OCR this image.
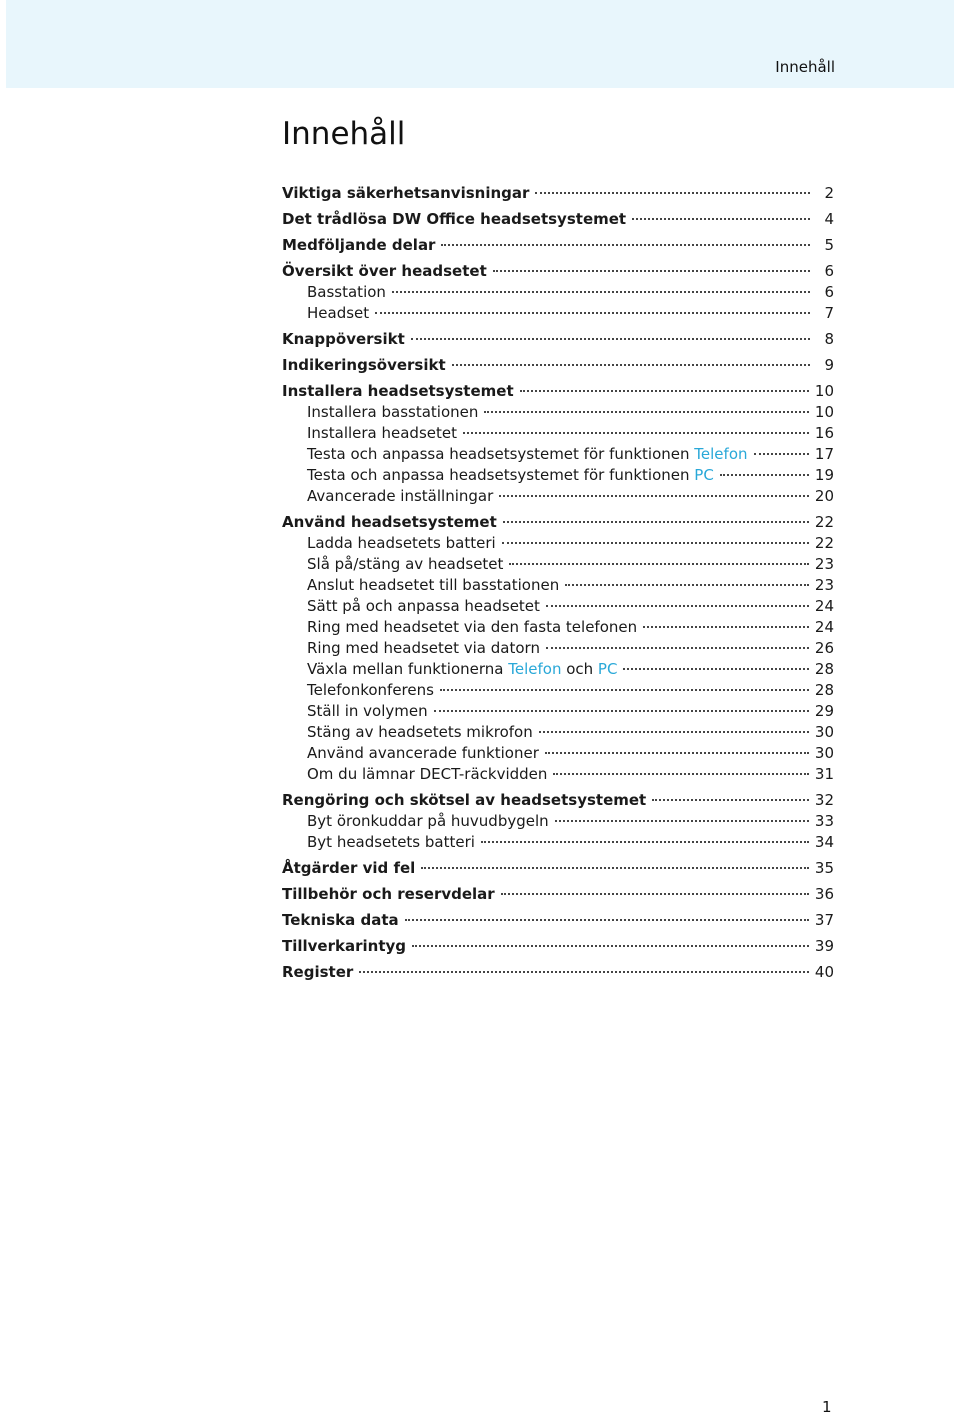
Innehåll
Innehåll
Viktiga säkerhetsanvisningar	2
Det trådlösa DW Office headsetsystemet	4
Medföljande delar	5
Översikt över headsetet	6
Basstation	6
Headset	7
Knappöversikt	8
Indikeringsöversikt	9
Installera headsetsystemet	10
Installera basstationen	10
Installera headsetet	16
Testa och anpassa headsetsystemet för funktionen Telefon	17
Testa och anpassa headsetsystemet för funktionen PC	19
Avancerade inställningar	20
Använd headsetsystemet	22
Ladda headsetets batteri	22
Slå på/stäng av headsetet	23
Anslut headsetet till basstationen	23
Sätt på och anpassa headsetet	24
Ring med headsetet via den fasta telefonen	24
Ring med headsetet via datorn	26
Växla mellan funktionerna Telefon och PC	28
Telefonkonferens	28
Ställ in volymen	29
Stäng av headsetets mikrofon	30
Använd avancerade funktioner	30
Om du lämnar DECT-räckvidden	31
Rengöring och skötsel av headsetsystemet	32
Byt öronkuddar på huvudbygeln	33
Byt headsetets batteri	34
Åtgärder vid fel	35
Tillbehör och reservdelar	36
Tekniska data	37
Tillverkarintyg	39
Register	40
1
